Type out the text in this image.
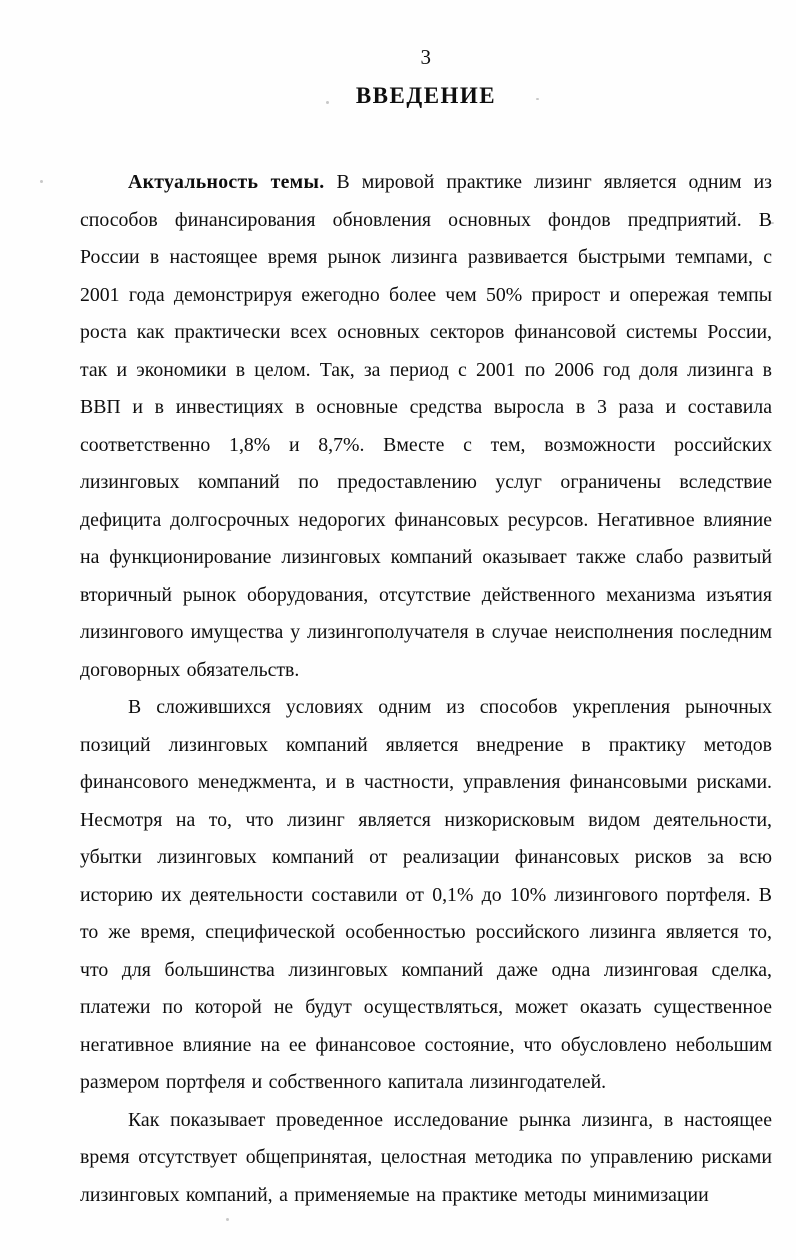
3
ВВЕДЕНИЕ

Актуальность темы. В мировой практике лизинг является одним из способов финансирования обновления основных фондов предприятий. В России в настоящее время рынок лизинга развивается быстрыми темпами, с 2001 года демонстрируя ежегодно более чем 50% прирост и опережая темпы роста как практически всех основных секторов финансовой системы России, так и экономики в целом. Так, за период с 2001 по 2006 год доля лизинга в ВВП и в инвестициях в основные средства выросла в 3 раза и составила соответственно 1,8% и 8,7%. Вместе с тем, возможности российских лизинговых компаний по предоставлению услуг ограничены вследствие дефицита долгосрочных недорогих финансовых ресурсов. Негативное влияние на функционирование лизинговых компаний оказывает также слабо развитый вторичный рынок оборудования, отсутствие действенного механизма изъятия лизингового имущества у лизингополучателя в случае неисполнения последним договорных обязательств.

В сложившихся условиях одним из способов укрепления рыночных позиций лизинговых компаний является внедрение в практику методов финансового менеджмента, и в частности, управления финансовыми рисками. Несмотря на то, что лизинг является низкорисковым видом деятельности, убытки лизинговых компаний от реализации финансовых рисков за всю историю их деятельности составили от 0,1% до 10% лизингового портфеля. В то же время, специфической особенностью российского лизинга является то, что для большинства лизинговых компаний даже одна лизинговая сделка, платежи по которой не будут осуществляться, может оказать существенное негативное влияние на ее финансовое состояние, что обусловлено небольшим размером портфеля и собственного капитала лизингодателей.

Как показывает проведенное исследование рынка лизинга, в настоящее время отсутствует общепринятая, целостная методика по управлению рисками лизинговых компаний, а применяемые на практике методы минимизации
